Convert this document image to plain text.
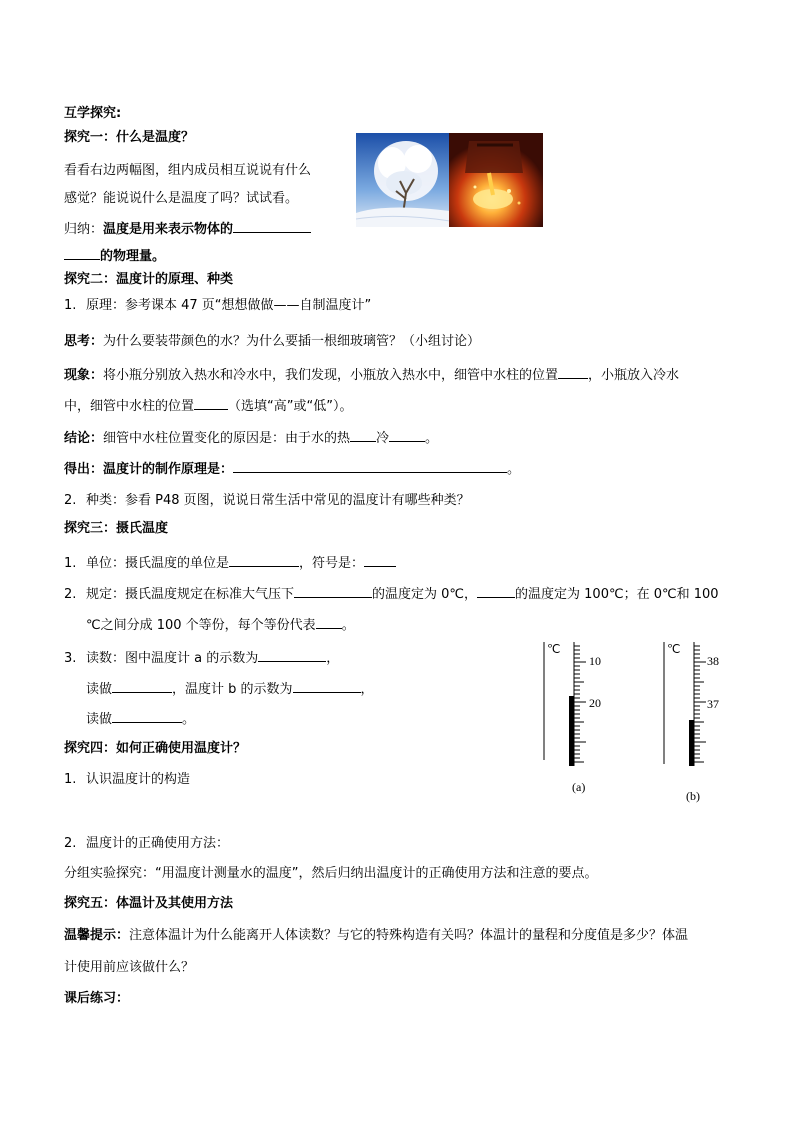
互学探究:
探究一：什么是温度？
看看右边两幅图，组内成员相互说说有什么
感觉？能说说什么是温度了吗？试试看。
归纳：温度是用来表示物体的
的物理量。
探究二：温度计的原理、种类
1. 原理：参考课本 47 页“想想做做——自制温度计”
思考：为什么要装带颜色的水？为什么要插一根细玻璃管？（小组讨论）
现象：将小瓶分别放入热水和冷水中，我们发现，小瓶放入热水中，细管中水柱的位置 ，小瓶放入冷水
中，细管中水柱的位置	（选填“高”或“低”）。
结论：细管中水柱位置变化的原因是：由于水的热 冷	。
得出：温度计的制作原理是：	。
2. 种类：参看 P48 页图，说说日常生活中常见的温度计有哪些种类？
探究三：摄氏温度
1. 单位：摄氏温度的单位是	，符号是：
2. 规定：摄氏温度规定在标准大气压下	的温度定为 0℃，	的温度定为 100℃；在 0℃和 100
℃之间分成 100 个等份，每个等份代表 。
3. 读数：图中温度计 a 的示数为	，
读做	，温度计 b 的示数为	，
读做	。
℃
10
20
(a)
℃
38
37
(b)
探究四：如何正确使用温度计？
1. 认识温度计的构造
2. 温度计的正确使用方法：
分组实验探究：“用温度计测量水的温度”，然后归纳出温度计的正确使用方法和注意的要点。
探究五：体温计及其使用方法
温馨提示：注意体温计为什么能离开人体读数？与它的特殊构造有关吗？体温计的量程和分度值是多少？体温
计使用前应该做什么？
课后练习：
